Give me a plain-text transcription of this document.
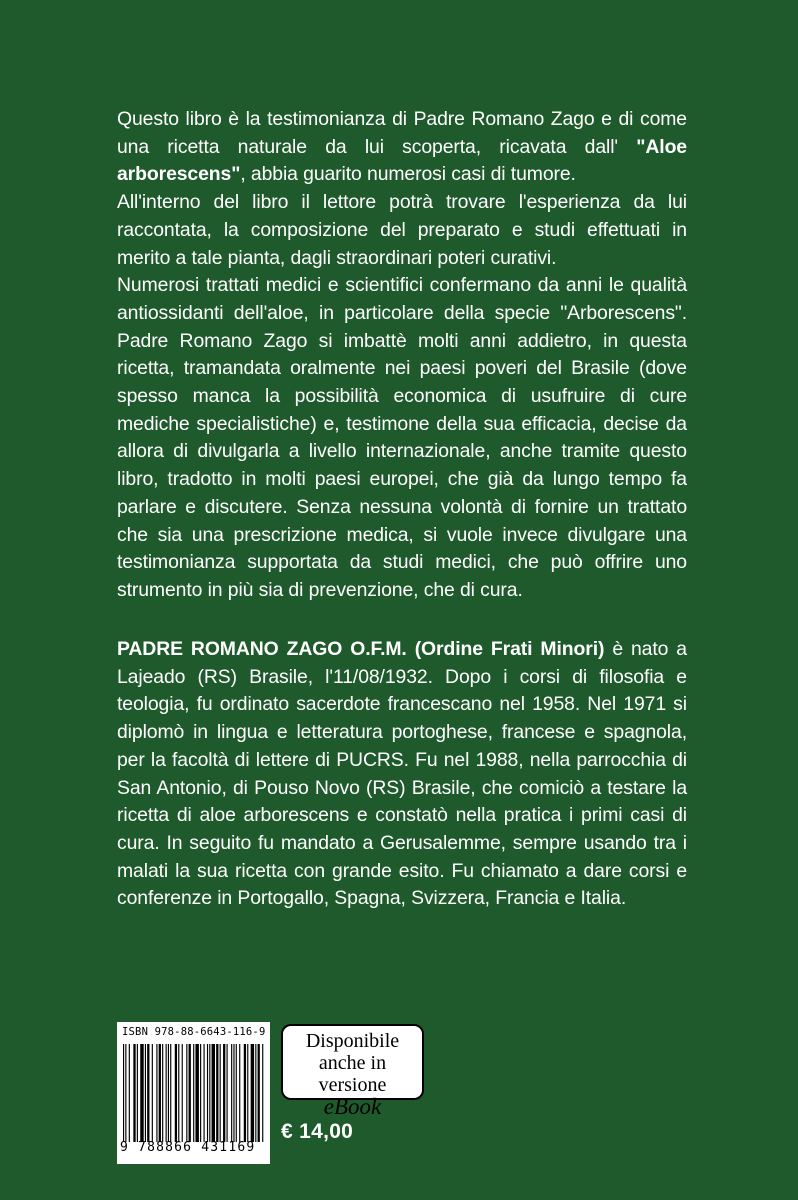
Questo libro è la testimonianza di Padre Romano Zago e di come una ricetta naturale da lui scoperta, ricavata dall' "Aloe arborescens", abbia guarito numerosi casi di tumore.

All'interno del libro il lettore potrà trovare l'esperienza da lui raccontata, la composizione del preparato e studi effettuati in merito a tale pianta, dagli straordinari poteri curativi.

Numerosi trattati medici e scientifici confermano da anni le qualità antiossidanti dell'aloe, in particolare della specie "Arborescens". Padre Romano Zago si imbattè molti anni addietro, in questa ricetta, tramandata oralmente nei paesi poveri del Brasile (dove spesso manca la possibilità economica di usufruire di cure mediche specialistiche) e, testimone della sua efficacia, decise da allora di divulgarla a livello internazionale, anche tramite questo libro, tradotto in molti paesi europei, che già da lungo tempo fa parlare e discutere. Senza nessuna volontà di fornire un trattato che sia una prescrizione medica, si vuole invece divulgare una testimonianza supportata da studi medici, che può offrire uno strumento in più sia di prevenzione, che di cura.

PADRE ROMANO ZAGO O.F.M. (Ordine Frati Minori) è nato a Lajeado (RS) Brasile, l'11/08/1932. Dopo i corsi di filosofia e teologia, fu ordinato sacerdote francescano nel 1958. Nel 1971 si diplomò in lingua e letteratura portoghese, francese e spagnola, per la facoltà di lettere di PUCRS. Fu nel 1988, nella parrocchia di San Antonio, di Pouso Novo (RS) Brasile, che comiciò a testare la ricetta di aloe arborescens e constatò nella pratica i primi casi di cura. In seguito fu mandato a Gerusalemme, sempre usando tra i malati la sua ricetta con grande esito. Fu chiamato a dare corsi e conferenze in Portogallo, Spagna, Svizzera, Francia e Italia.

ISBN 978-88-6643-116-9
9 788866 431169
Disponibile
anche in versione
eBook
€ 14,00
